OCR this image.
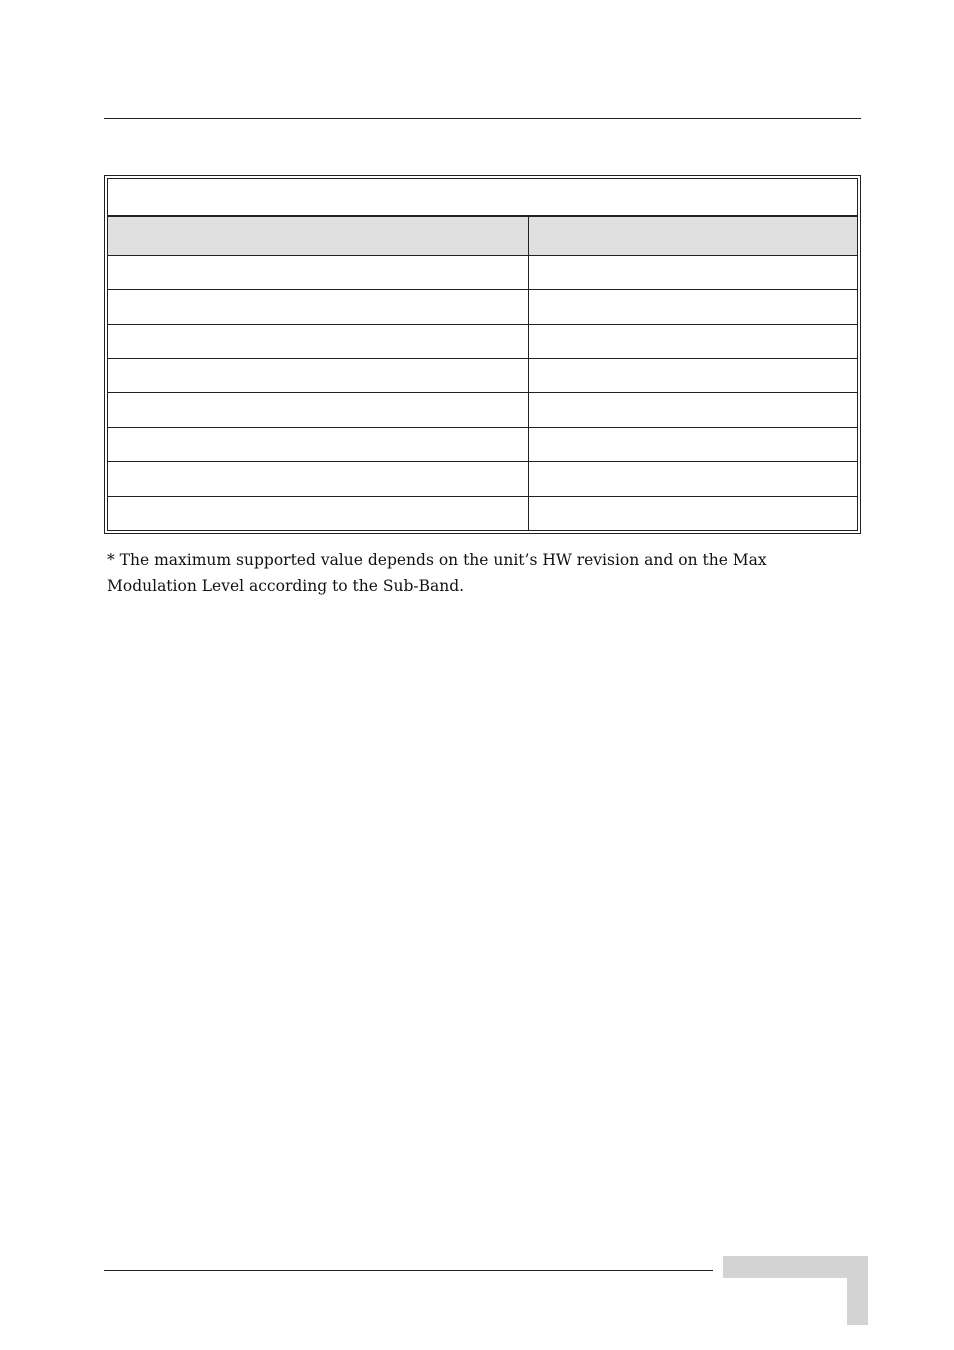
* The maximum supported value depends on the unit’s HW revision and on the Max
Modulation Level according to the Sub-Band.
